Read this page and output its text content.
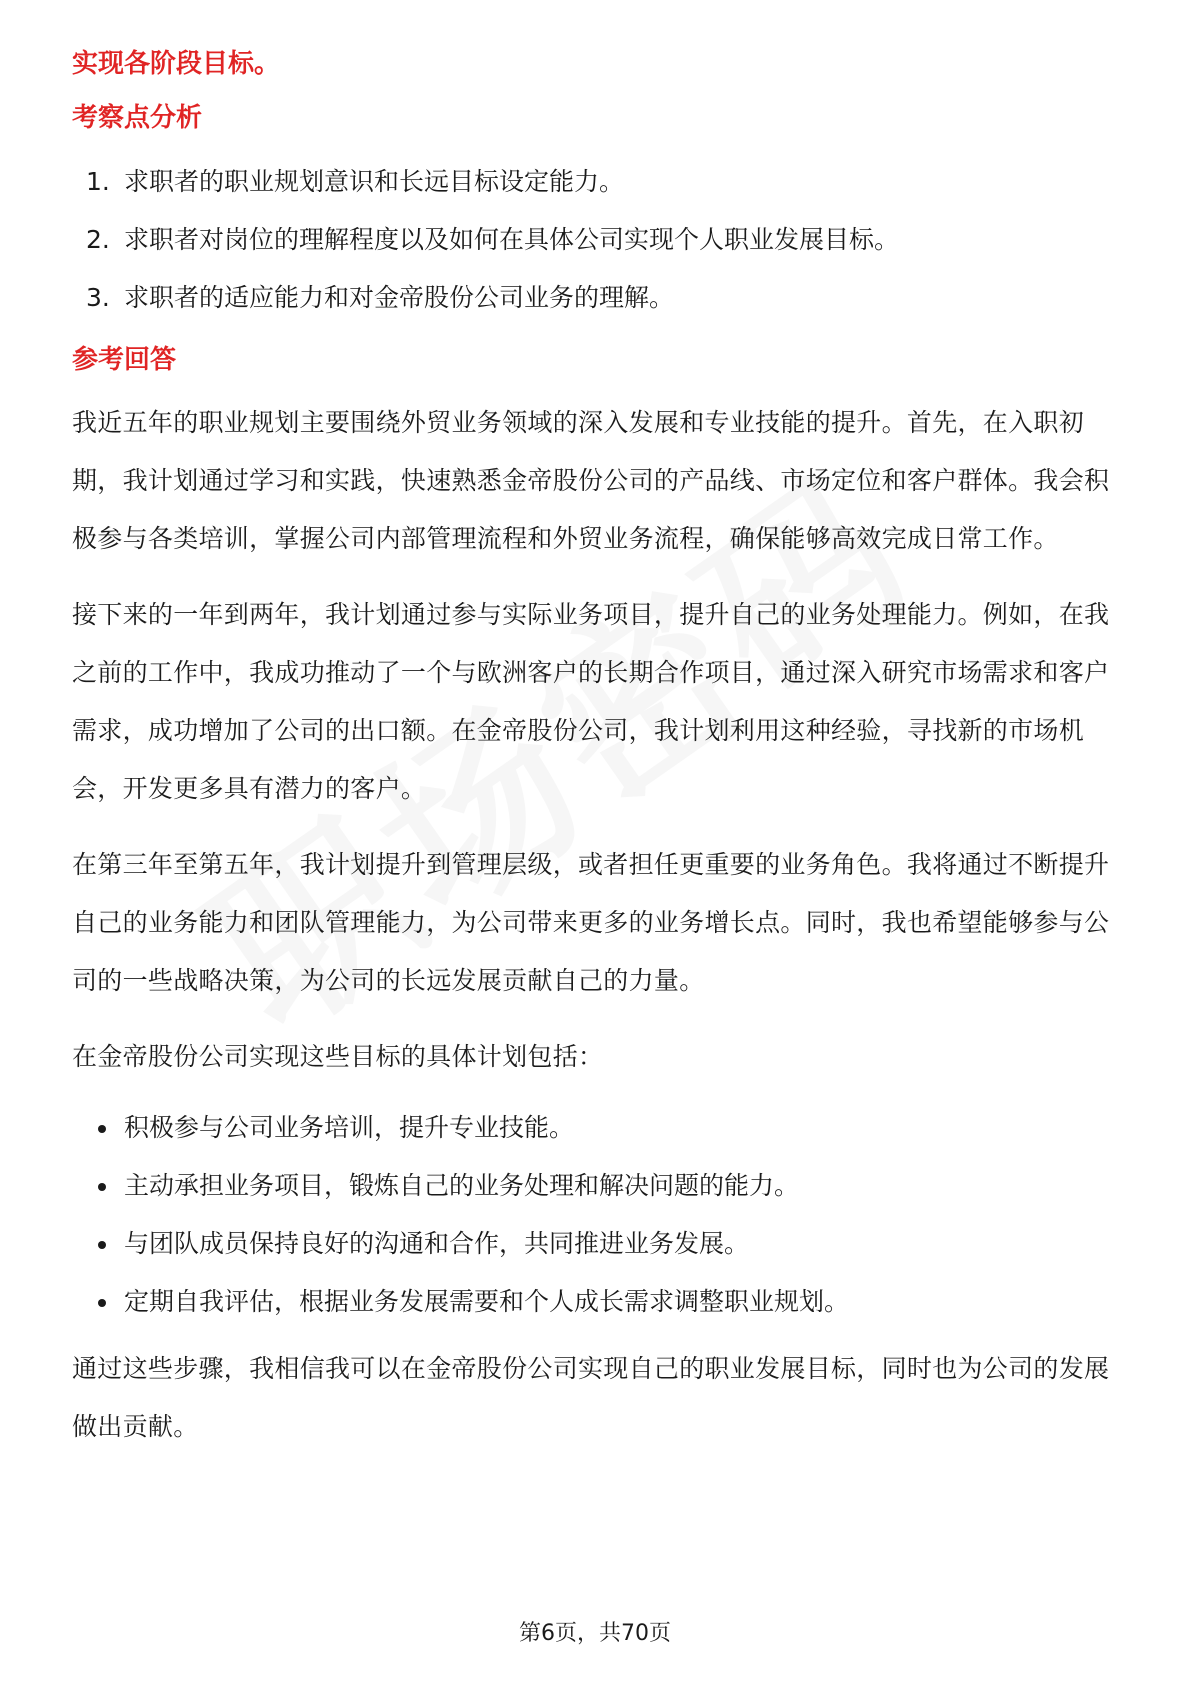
实现各阶段目标。
考察点分析
1. 求职者的职业规划意识和长远目标设定能力。
2. 求职者对岗位的理解程度以及如何在具体公司实现个人职业发展目标。
3. 求职者的适应能力和对金帝股份公司业务的理解。
参考回答

我近五年的职业规划主要围绕外贸业务领域的深入发展和专业技能的提升。首先，在入职初期，我计划通过学习和实践，快速熟悉金帝股份公司的产品线、市场定位和客户群体。我会积极参与各类培训，掌握公司内部管理流程和外贸业务流程，确保能够高效完成日常工作。

接下来的一年到两年，我计划通过参与实际业务项目，提升自己的业务处理能力。例如，在我之前的工作中，我成功推动了一个与欧洲客户的长期合作项目，通过深入研究市场需求和客户需求，成功增加了公司的出口额。在金帝股份公司，我计划利用这种经验，寻找新的市场机会，开发更多具有潜力的客户。

在第三年至第五年，我计划提升到管理层级，或者担任更重要的业务角色。我将通过不断提升自己的业务能力和团队管理能力，为公司带来更多的业务增长点。同时，我也希望能够参与公司的一些战略决策，为公司的长远发展贡献自己的力量。

在金帝股份公司实现这些目标的具体计划包括：

积极参与公司业务培训，提升专业技能。
主动承担业务项目，锻炼自己的业务处理和解决问题的能力。
与团队成员保持良好的沟通和合作，共同推进业务发展。
定期自我评估，根据业务发展需要和个人成长需求调整职业规划。

通过这些步骤，我相信我可以在金帝股份公司实现自己的职业发展目标，同时也为公司的发展做出贡献。

第6页，共70页
